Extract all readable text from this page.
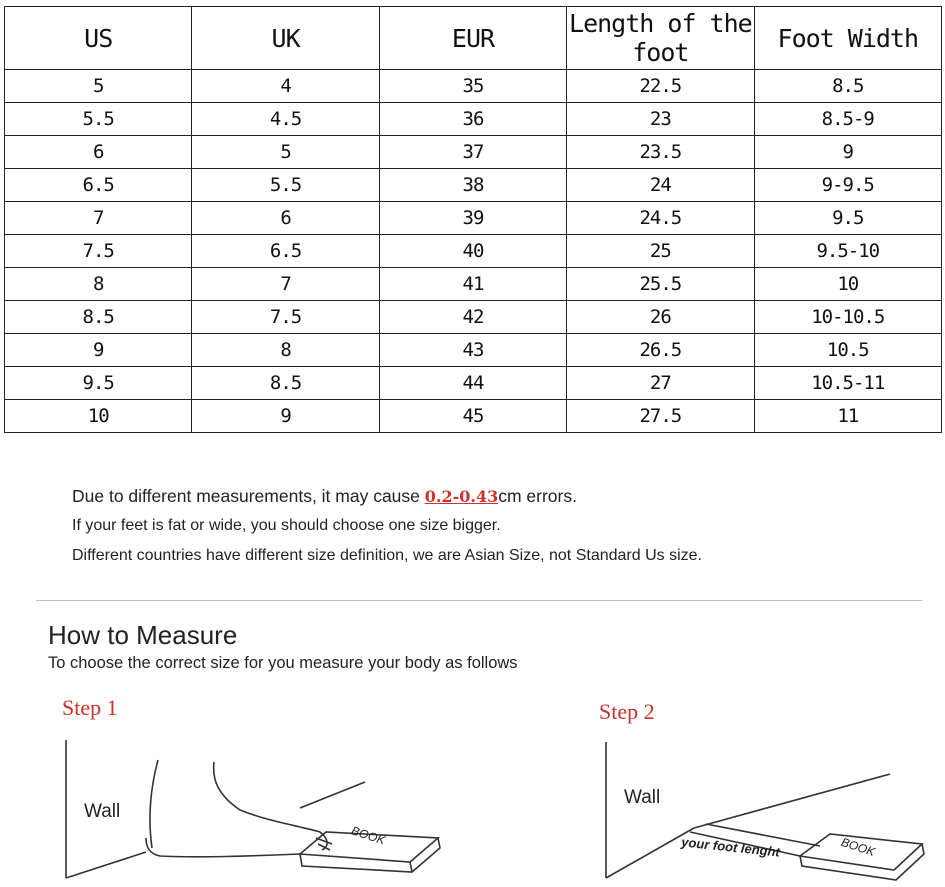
US	UK	EUR	Length of the foot	Foot Width
5	4	35	22.5	8.5
5.5	4.5	36	23	8.5-9
6	5	37	23.5	9
6.5	5.5	38	24	9-9.5
7	6	39	24.5	9.5
7.5	6.5	40	25	9.5-10
8	7	41	25.5	10
8.5	7.5	42	26	10-10.5
9	8	43	26.5	10.5
9.5	8.5	44	27	10.5-11
10	9	45	27.5	11
Due to different measurements, it may cause 0.2-0.43cm errors.
If your feet is fat or wide, you should choose one size bigger.
Different countries have different size definition, we are Asian Size, not Standard Us size.
How to Measure
To choose the correct size for you measure your body as follows
Step 1	Step 2
Wall
BOOK
Wall
your foot lenght	BOOK
